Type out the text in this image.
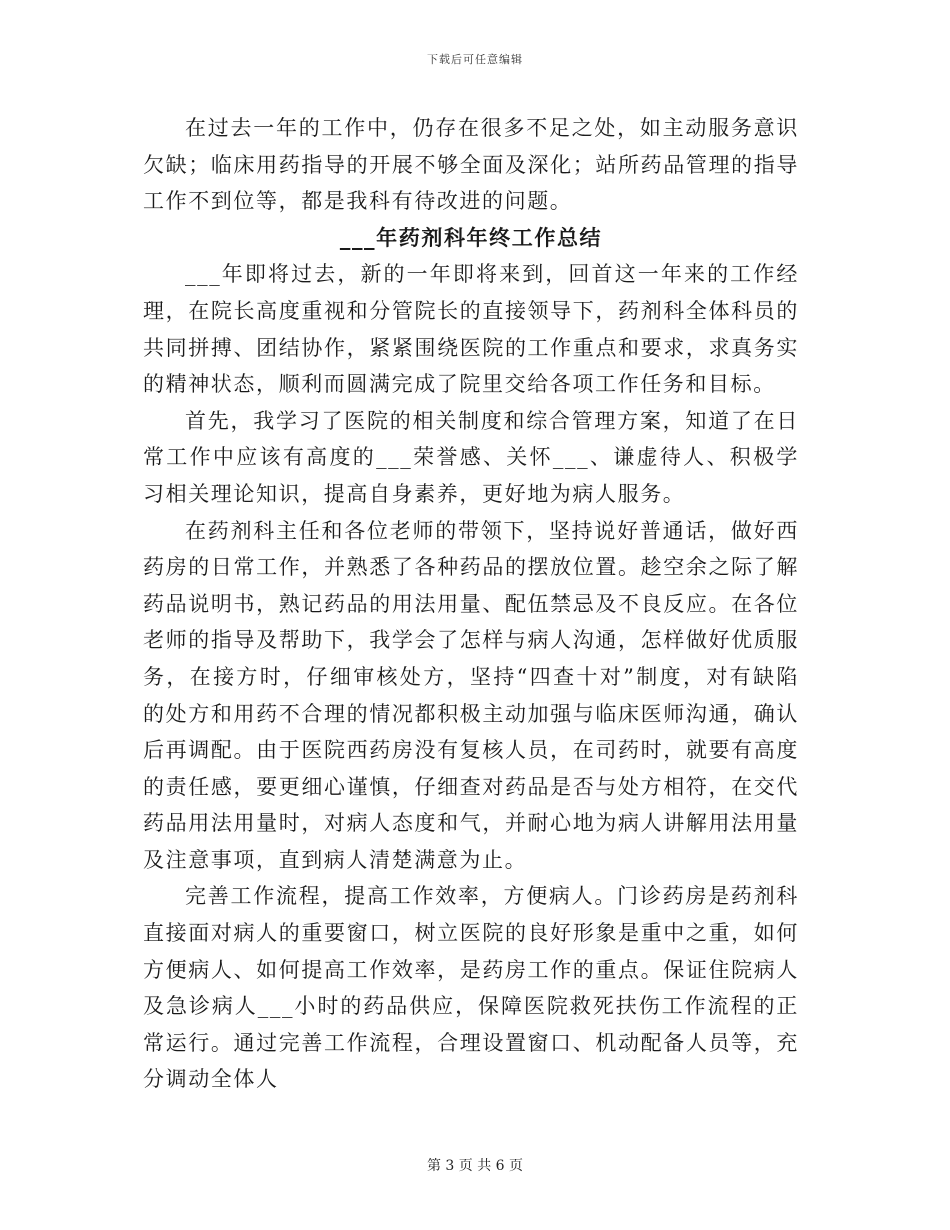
下载后可任意编辑

在过去一年的工作中，仍存在很多不足之处，如主动服务意识欠缺；临床用药指导的开展不够全面及深化；站所药品管理的指导工作不到位等，都是我科有待改进的问题。

___年药剂科年终工作总结

___年即将过去，新的一年即将来到，回首这一年来的工作经理，在院长高度重视和分管院长的直接领导下，药剂科全体科员的共同拼搏、团结协作，紧紧围绕医院的工作重点和要求，求真务实的精神状态，顺利而圆满完成了院里交给各项工作任务和目标。

首先，我学习了医院的相关制度和综合管理方案，知道了在日常工作中应该有高度的___荣誉感、关怀___、谦虚待人、积极学习相关理论知识，提高自身素养，更好地为病人服务。

在药剂科主任和各位老师的带领下，坚持说好普通话，做好西药房的日常工作，并熟悉了各种药品的摆放位置。趁空余之际了解药品说明书，熟记药品的用法用量、配伍禁忌及不良反应。在各位老师的指导及帮助下，我学会了怎样与病人沟通，怎样做好优质服务，在接方时，仔细审核处方，坚持“四查十对”制度，对有缺陷的处方和用药不合理的情况都积极主动加强与临床医师沟通，确认后再调配。由于医院西药房没有复核人员，在司药时，就要有高度的责任感，要更细心谨慎，仔细查对药品是否与处方相符，在交代药品用法用量时，对病人态度和气，并耐心地为病人讲解用法用量及注意事项，直到病人清楚满意为止。

完善工作流程，提高工作效率，方便病人。门诊药房是药剂科直接面对病人的重要窗口，树立医院的良好形象是重中之重，如何方便病人、如何提高工作效率，是药房工作的重点。保证住院病人及急诊病人___小时的药品供应，保障医院救死扶伤工作流程的正常运行。通过完善工作流程，合理设置窗口、机动配备人员等，充分调动全体人

第 3 页 共 6 页
